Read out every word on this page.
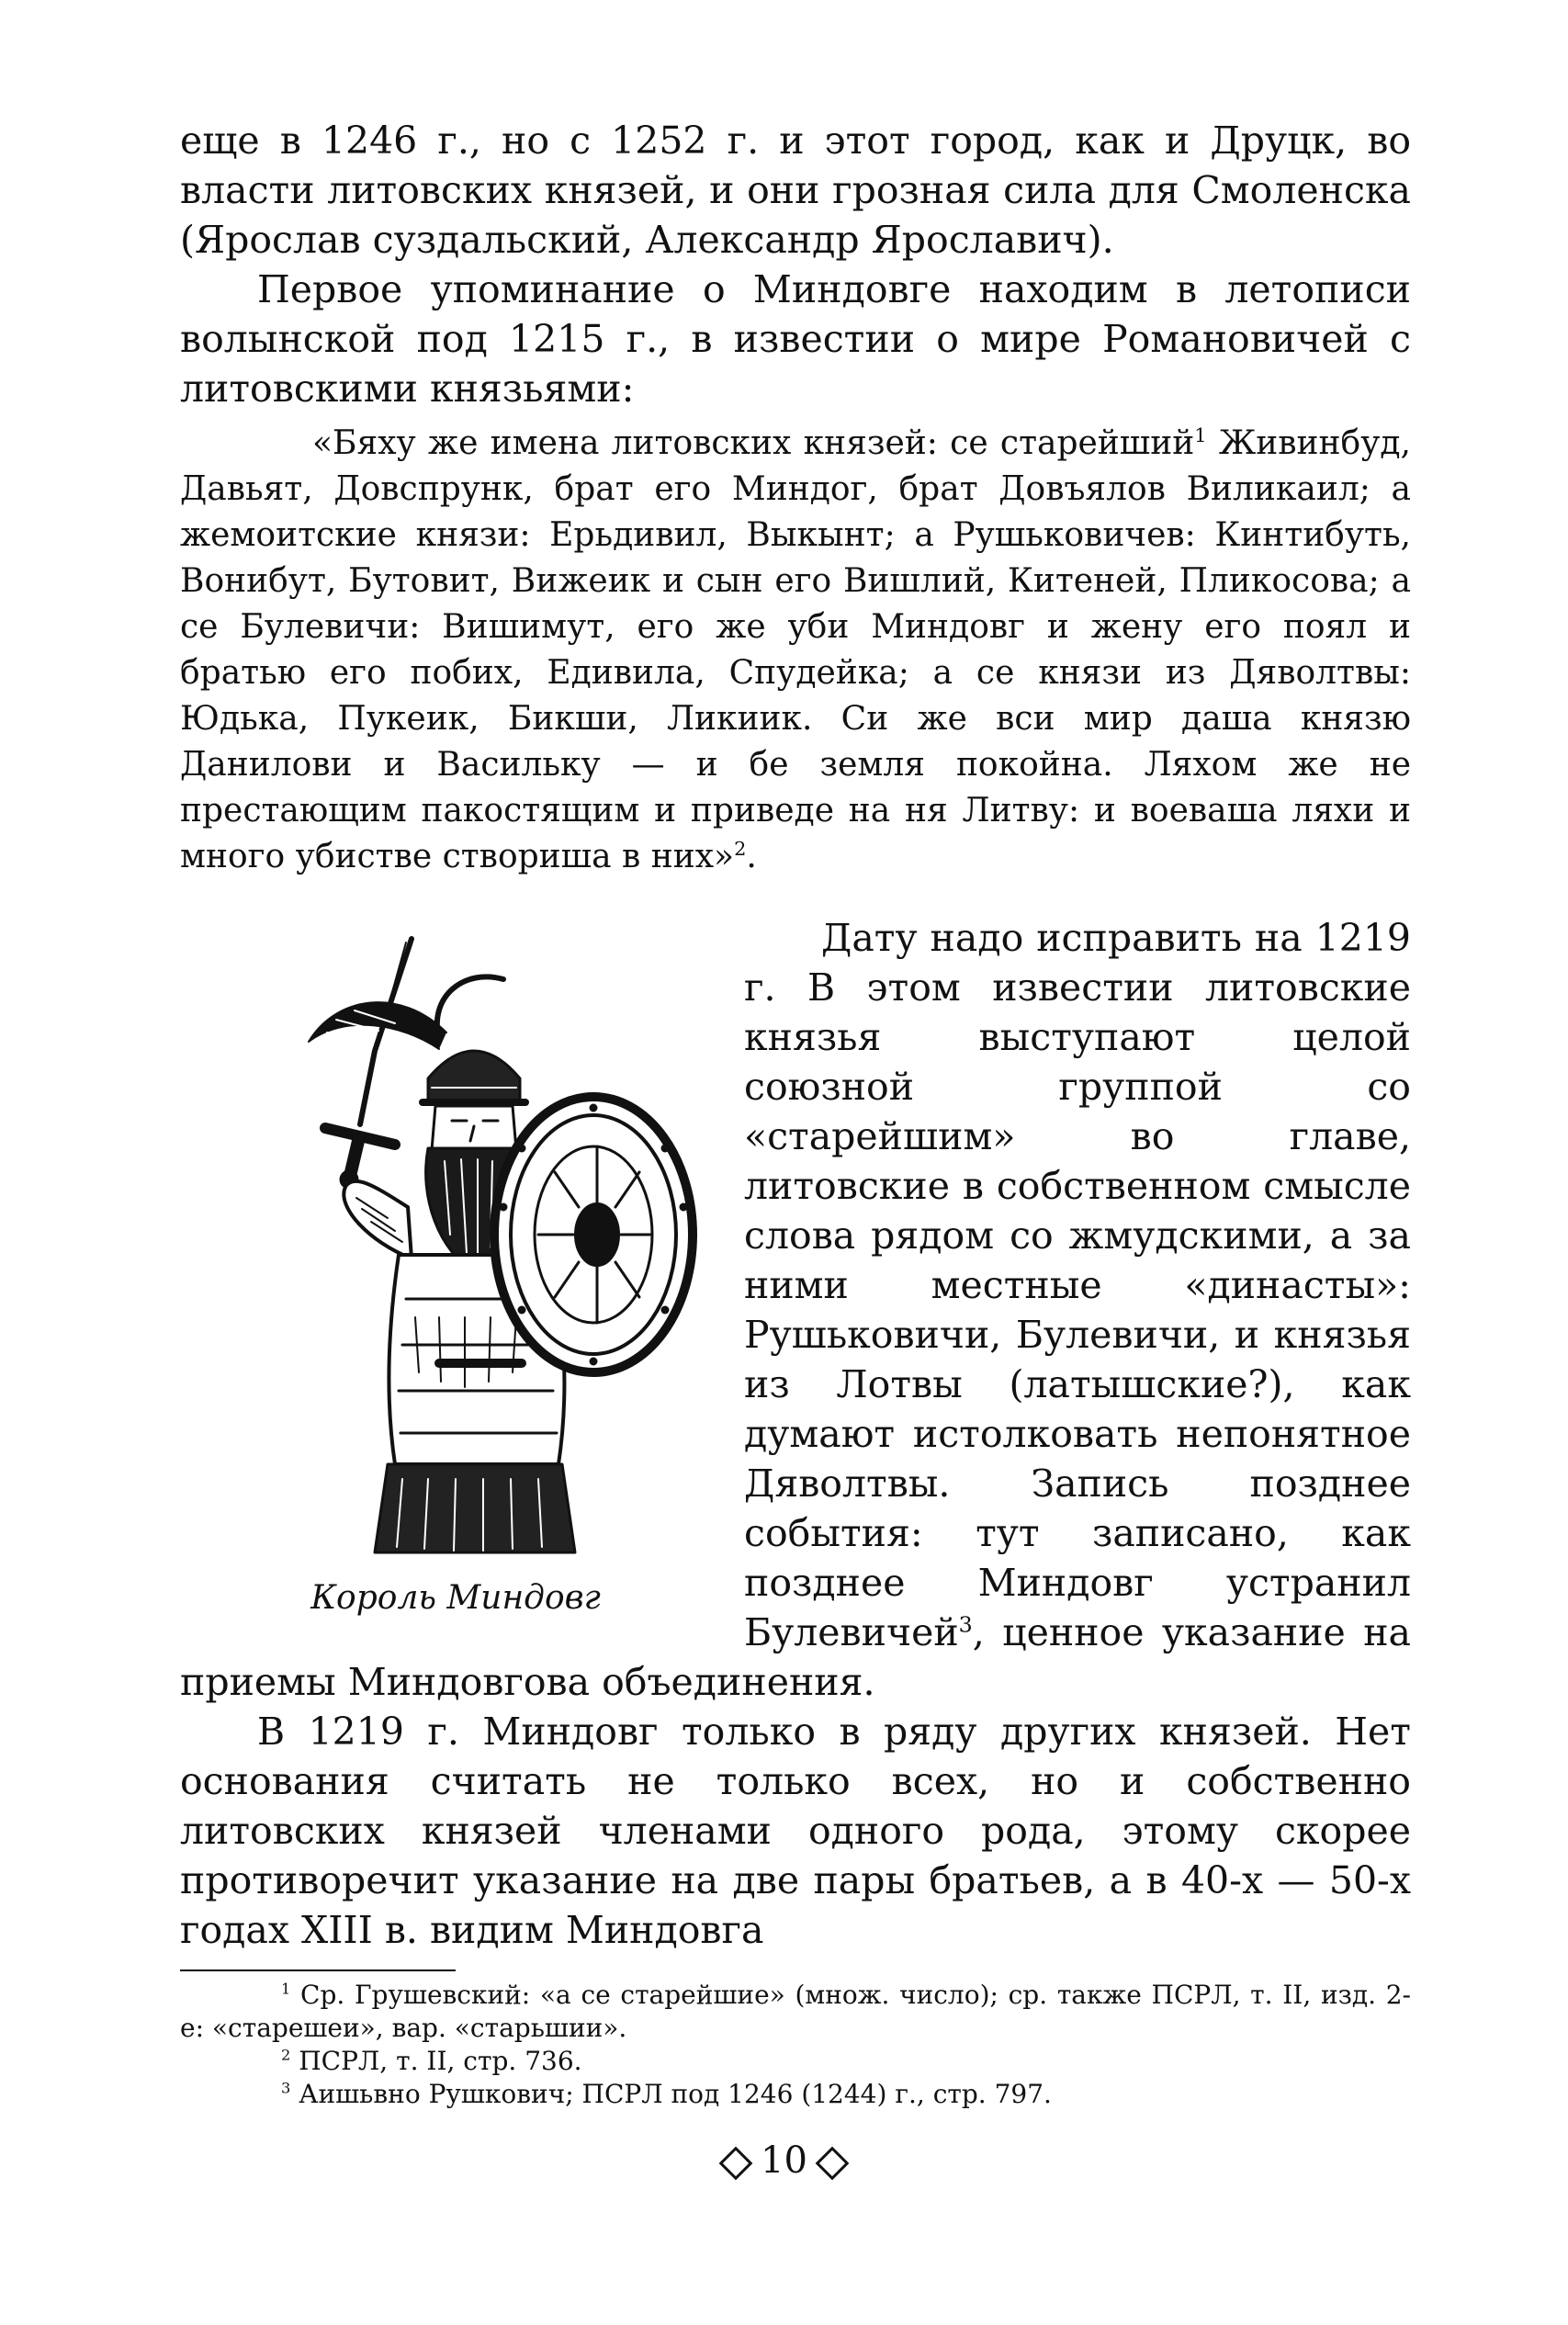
еще в 1246 г., но с 1252 г. и этот город, как и Друцк, во власти литовских князей, и они грозная сила для Смоленска (Ярослав суздальский, Александр Ярославич).

Первое упоминание о Миндовге находим в летописи волынской под 1215 г., в известии о мире Романовичей с литовскими князьями:

«Бяху же имена литовских князей: се старейший$^1$ Живинбуд, Давьят, Довспрунк, брат его Миндог, брат Довъялов Виликаил; а жемоитские князи: Ерьдивил, Выкынт; а Рушьковичев: Кинтибуть, Вонибут, Бутовит, Вижеик и сын его Вишлий, Китеней, Пликосова; а се Булевичи: Вишимут, его же уби Миндовг и жену его поял и братью его побих, Едивила, Спудейка; а се князи из Дяволтвы: Юдька, Пукеик, Бикши, Ликиик. Си же вси мир даша князю Данилови и Васильку — и бе земля покойна. Ляхом же не престающим пакостящим и приведе на ня Литву: и воеваша ляхи и много убистве створиша в них»$^2$.

Король Миндовг

Дату надо исправить на 1219 г. В этом известии литовские князья выступают целой союзной группой со «старейшим» во главе, литовские в собственном смысле слова рядом со жмудскими, а за ними местные «династы»: Рушьковичи, Булевичи, и князья из Лотвы (латышские?), как думают истолковать непонятное Дяволтвы. Запись позднее события: тут записано, как позднее Миндовг устранил Булевичей$^3$, ценное указание на приемы Миндовгова объединения.

В 1219 г. Миндовг только в ряду других князей. Нет основания считать не только всех, но и собственно литовских князей членами одного рода, этому скорее противоречит указание на две пары братьев, а в 40-х — 50-х годах XIII в. видим Миндовга

$^1$ Ср. Грушевский: «а се старейшие» (множ. число); ср. также ПСРЛ, т. II, изд. 2-е: «старешеи», вар. «старьшии».

$^2$ ПСРЛ, т. II, стр. 736.

$^3$ Аишьвно Рушкович; ПСРЛ под 1246 (1244) г., стр. 797.

10
